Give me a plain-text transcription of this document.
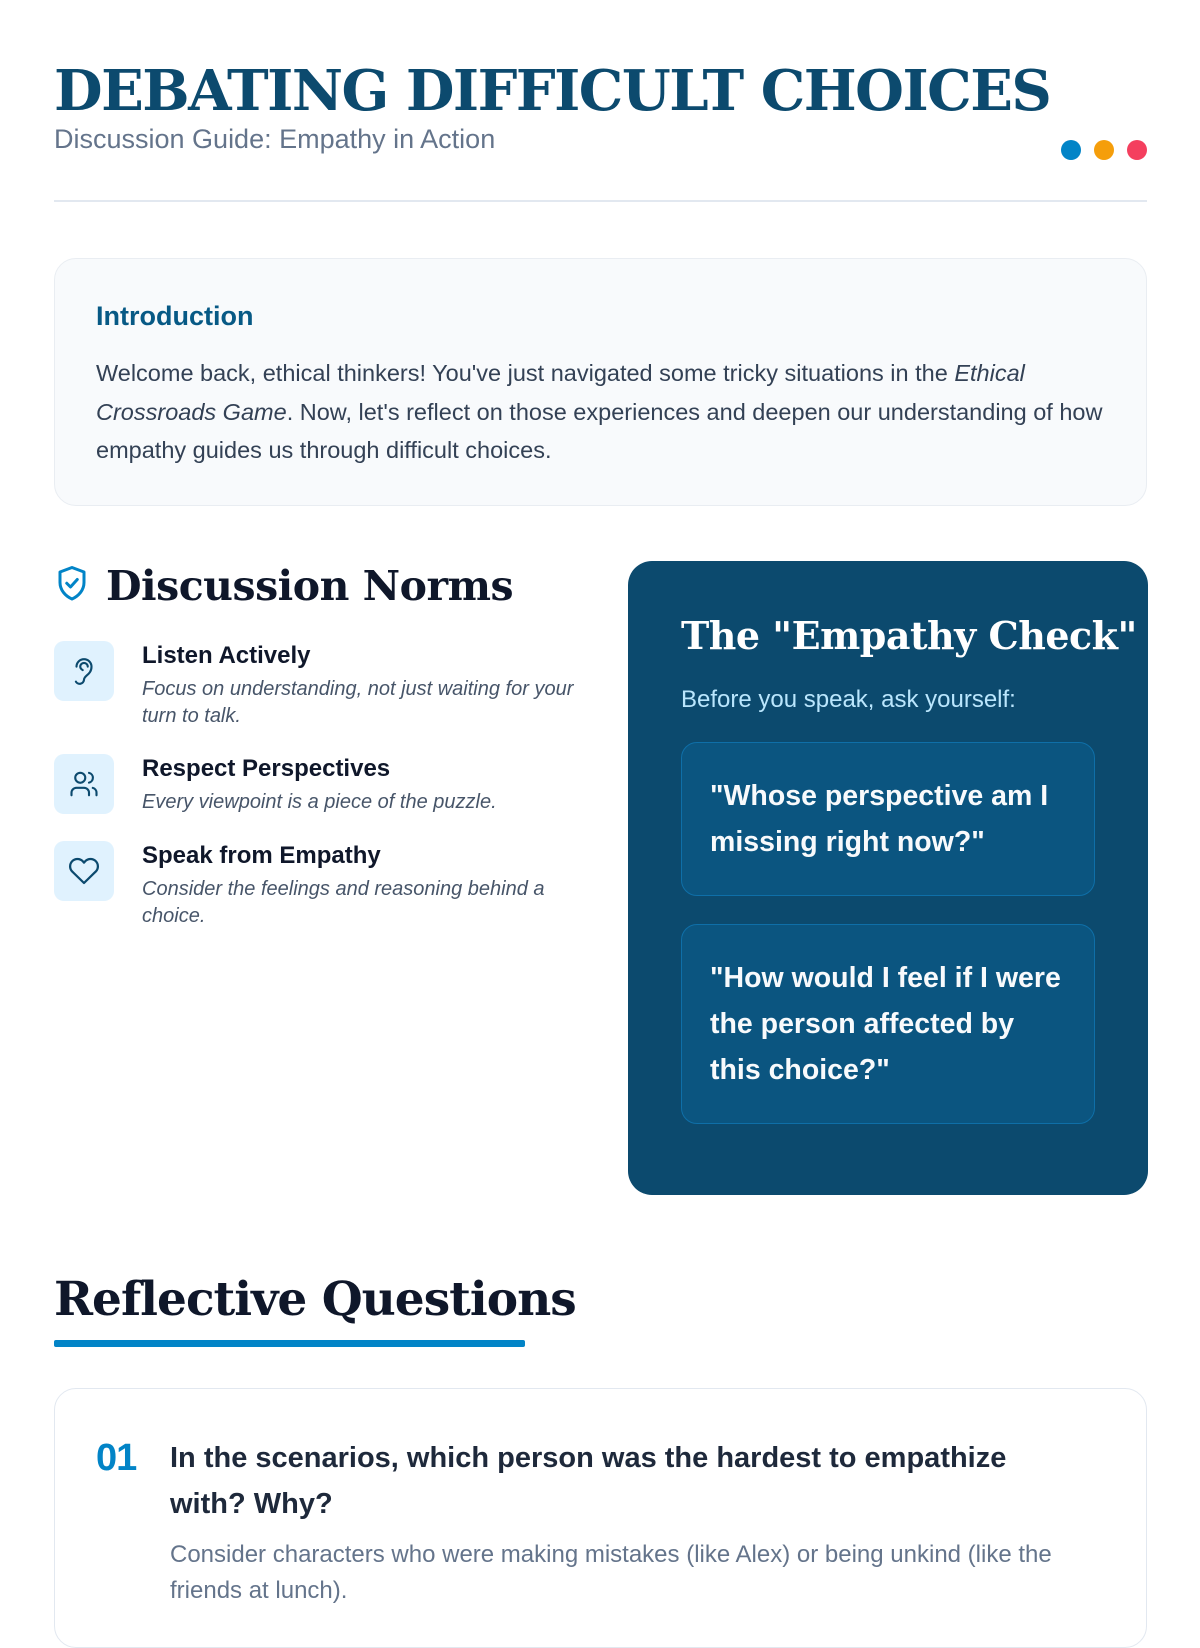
DEBATING DIFFICULT CHOICES
Discussion Guide: Empathy in Action
Introduction

Welcome back, ethical thinkers! You've just navigated some tricky situations in the Ethical Crossroads Game. Now, let's reflect on those experiences and deepen our understanding of how empathy guides us through difficult choices.

Discussion Norms

Listen Actively

Focus on understanding, not just waiting for your turn to talk.

Respect Perspectives

Every viewpoint is a piece of the puzzle.

Speak from Empathy

Consider the feelings and reasoning behind a choice.

The "Empathy Check"

Before you speak, ask yourself:

"Whose perspective am I missing right now?"
"How would I feel if I were the person affected by this choice?"
Reflective Questions
01 In the scenarios, which person was the hardest to empathize with? Why?

Consider characters who were making mistakes (like Alex) or being unkind (like the friends at lunch).
